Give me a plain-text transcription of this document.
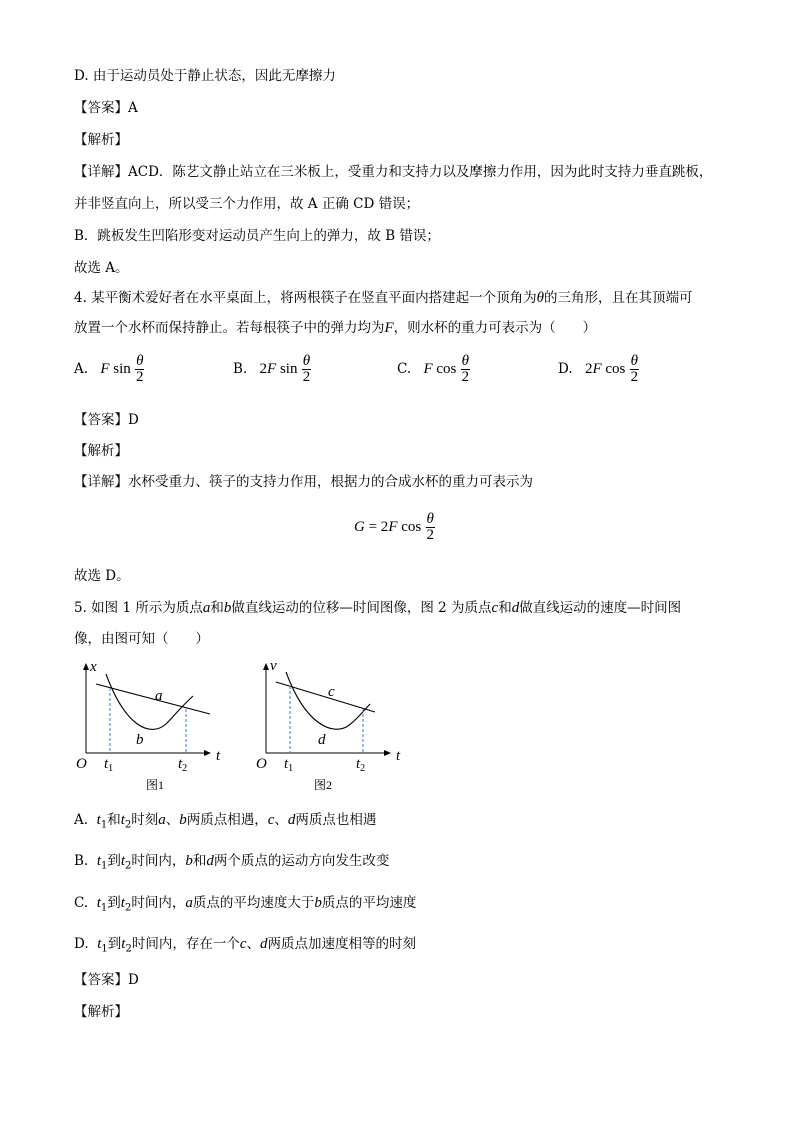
D. 由于运动员处于静止状态，因此无摩擦力
【答案】A
【解析】
【详解】ACD．陈艺文静止站立在三米板上，受重力和支持力以及摩擦力作用，因为此时支持力垂直跳板，
并非竖直向上，所以受三个力作用，故 A 正确 CD 错误；
B．跳板发生凹陷形变对运动员产生向上的弹力，故 B 错误；
故选 A。
4. 某平衡术爱好者在水平桌面上，将两根筷子在竖直平面内搭建起一个顶角为θ的三角形，且在其顶端可
放置一个水杯而保持静止。若每根筷子中的弹力均为F，则水杯的重力可表示为（　　）
A. F $\sin \frac{\theta}{2}$	B. 2F $\sin \frac{\theta}{2}$	C. F $\cos \frac{\theta}{2}$	D. 2F $\cos \frac{\theta}{2}$
【答案】D
【解析】
【详解】水杯受重力、筷子的支持力作用，根据力的合成水杯的重力可表示为
G = 2F $\cos \frac{\theta}{2}$
故选 D。
5. 如图 1 所示为质点a和b做直线运动的位移—时间图像，图 2 为质点c和d做直线运动的速度—时间图
像，由图可知（　　）
x
t
O $t_1$	$t_2$
a
b
图1
v
t
O $t_1$	$t_2$
c
d
图2
A. $t_1$和$t_2$时刻a、b两质点相遇，c、d两质点也相遇
B. $t_1$到$t_2$时间内，b和d两个质点的运动方向发生改变
C. $t_1$到$t_2$时间内，a质点的平均速度大于b质点的平均速度
D. $t_1$到$t_2$时间内，存在一个c、d两质点加速度相等的时刻
【答案】D
【解析】
